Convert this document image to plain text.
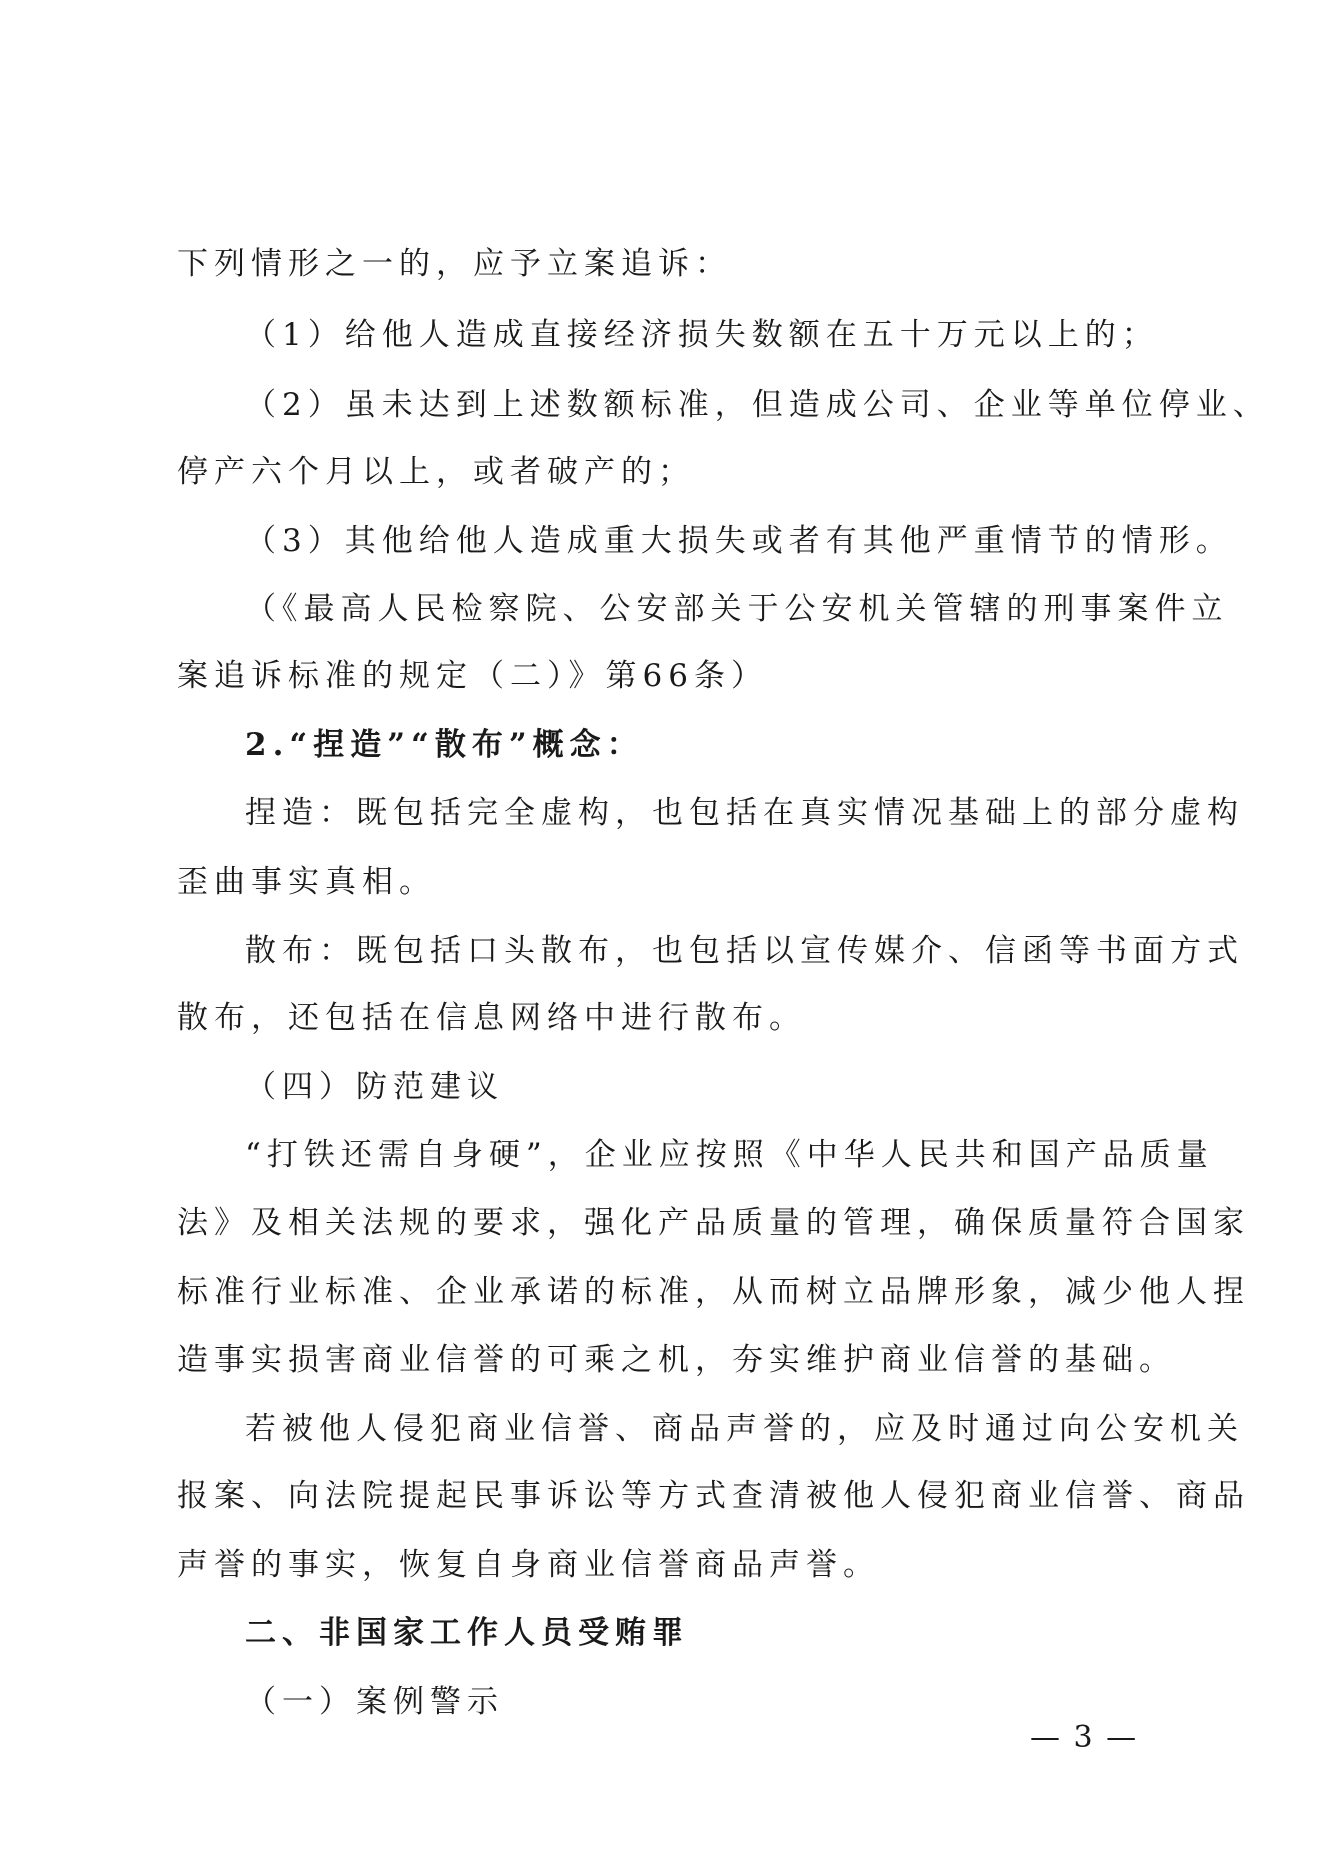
下列情形之一的，应予立案追诉：

（1）给他人造成直接经济损失数额在五十万元以上的；

（2）虽未达到上述数额标准，但造成公司、企业等单位停业、

停产六个月以上，或者破产的；

（3）其他给他人造成重大损失或者有其他严重情节的情形。

（《最高人民检察院、公安部关于公安机关管辖的刑事案件立

案追诉标准的规定（二）》第66条）

2.“捏造”“散布”概念：

捏造：既包括完全虚构，也包括在真实情况基础上的部分虚构

歪曲事实真相。

散布：既包括口头散布，也包括以宣传媒介、信函等书面方式

散布，还包括在信息网络中进行散布。

（四）防范建议

“打铁还需自身硬”，企业应按照《中华人民共和国产品质量

法》及相关法规的要求，强化产品质量的管理，确保质量符合国家

标准行业标准、企业承诺的标准，从而树立品牌形象，减少他人捏

造事实损害商业信誉的可乘之机，夯实维护商业信誉的基础。

若被他人侵犯商业信誉、商品声誉的，应及时通过向公安机关

报案、向法院提起民事诉讼等方式查清被他人侵犯商业信誉、商品

声誉的事实，恢复自身商业信誉商品声誉。

二、非国家工作人员受贿罪

（一）案例警示

— 3 —
